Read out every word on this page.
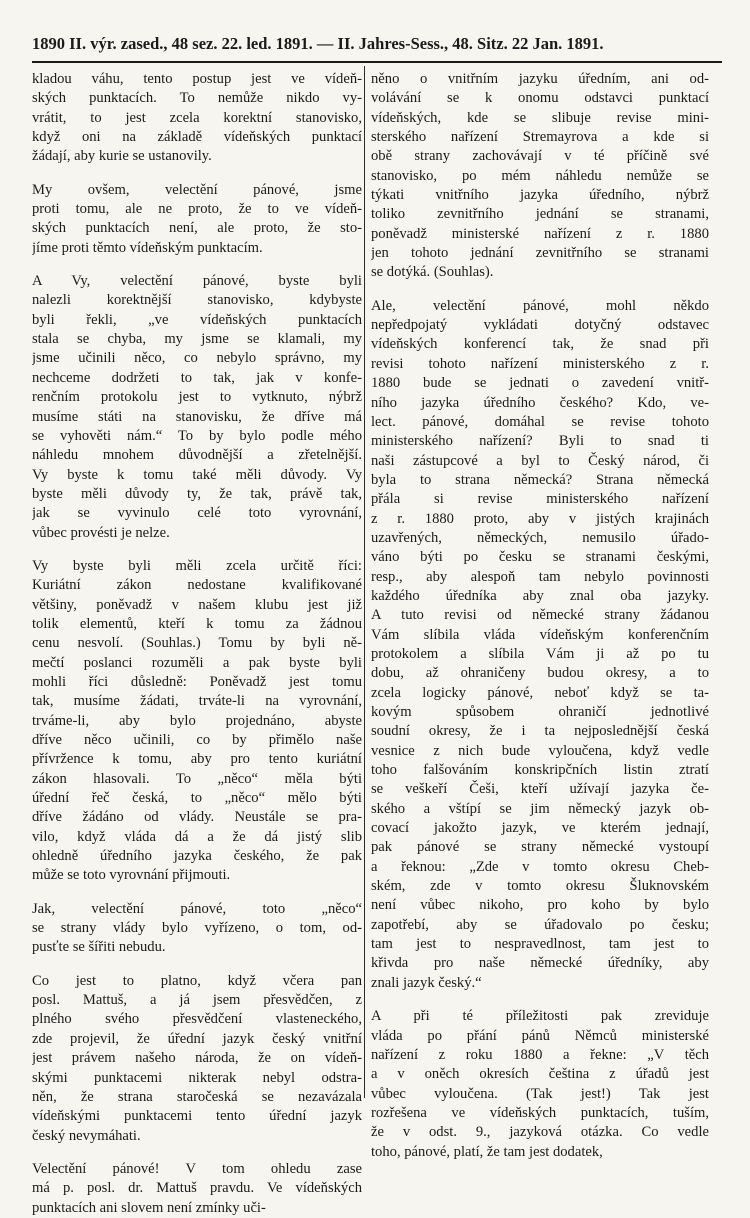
1890 II. výr. zased., 48 sez. 22. led. 1891. — II. Jahres-Sess., 48. Sitz. 22 Jan. 1891.
kladou váhu, tento postup jest ve vídeň-
ských punktacích. To nemůže nikdo vy-
vrátit, to jest zcela korektní stanovisko,
když oni na základě vídeňských punktací
žádají, aby kurie se ustanovily.
My ovšem, velectění pánové, jsme
proti tomu, ale ne proto, že to ve vídeň-
ských punktacích není, ale proto, že sto-
jíme proti těmto vídeňským punktacím.
A Vy, velectění pánové, byste byli
nalezli korektnější stanovisko, kdybyste
byli řekli, „ve vídeňských punktacích
stala se chyba, my jsme se klamali, my
jsme učinili něco, co nebylo správno, my
nechceme dodržeti to tak, jak v konfe-
renčním protokolu jest to vytknuto, nýbrž
musíme státi na stanovisku, že dříve má
se vyhověti nám.“ To by bylo podle mého
náhledu mnohem důvodnější a zřetelnější.
Vy byste k tomu také měli důvody. Vy
byste měli důvody ty, že tak, právě tak,
jak se vyvinulo celé toto vyrovnání,
vůbec provésti je nelze.
Vy byste byli měli zcela určitě říci:
Kuriátní zákon nedostane kvalifikované
většiny, poněvadž v našem klubu jest již
tolik elementů, kteří k tomu za žádnou
cenu nesvolí. (Souhlas.) Tomu by byli ně-
mečtí poslanci rozuměli a pak byste byli
mohli říci důsledně: Poněvadž jest tomu
tak, musíme žádati, trváte-li na vyrovnání,
trváme-li, aby bylo projednáno, abyste
dříve něco učinili, co by přimělo naše
přívržence k tomu, aby pro tento kuriátní
zákon hlasovali. To „něco“ měla býti
úřední řeč česká, to „něco“ mělo býti
dříve žádáno od vlády. Neustále se pra-
vilo, když vláda dá a že dá jistý slib
ohledně úředního jazyka českého, že pak
může se toto vyrovnání přijmouti.
Jak, velectění pánové, toto „něco“
se strany vlády bylo vyřízeno, o tom, od-
pusťte se šířiti nebudu.
Co jest to platno, když včera pan
posl. Mattuš, a já jsem přesvědčen, z
plného svého přesvědčení vlasteneckého,
zde projevil, že úřední jazyk český vnitřní
jest právem našeho národa, že on vídeň-
skými punktacemi nikterak nebyl odstra-
něn, že strana staročeská se nezavázala
vídeňskými punktacemi tento úřední jazyk
český nevymáhati.
Velectění pánové! V tom ohledu zase
má p. posl. dr. Mattuš pravdu. Ve vídeňských
punktacích ani slovem není zmínky uči-
něno o vnitřním jazyku úředním, ani od-
volávání se k onomu odstavci punktací
vídeňských, kde se slibuje revise mini-
sterského nařízení Stremayrova a kde si
obě strany zachovávají v té příčině své
stanovisko, po mém náhledu nemůže se
týkati vnitřního jazyka úředního, nýbrž
toliko zevnitřního jednání se stranami,
poněvadž ministerské nařízení z r. 1880
jen tohoto jednání zevnitřního se stranami
se dotýká. (Souhlas).
Ale, velectění pánové, mohl někdo
nepředpojatý vykládati dotyčný odstavec
vídeňských konferencí tak, že snad při
revisi tohoto nařízení ministerského z r.
1880 bude se jednati o zavedení vnitř-
ního jazyka úředního českého? Kdo, ve-
lect. pánové, domáhal se revise tohoto
ministerského nařízení? Byli to snad ti
naši zástupcové a byl to Český národ, či
byla to strana německá? Strana německá
přála si revise ministerského nařízení
z r. 1880 proto, aby v jistých krajinách
uzavřených, německých, nemusilo úřado-
váno býti po česku se stranami českými,
resp., aby alespoň tam nebylo povinnosti
každého úředníka aby znal oba jazyky.
A tuto revisi od německé strany žádanou
Vám slíbila vláda vídeňským konferenčním
protokolem a slíbila Vám ji až po tu
dobu, až ohraničeny budou okresy, a to
zcela logicky pánové, neboť když se ta-
kovým spůsobem ohraničí jednotlivé
soudní okresy, že i ta nejposlednější česká
vesnice z nich bude vyloučena, když vedle
toho falšováním konskripčních listin ztratí
se veškeří Češi, kteří užívají jazyka če-
ského a vštípí se jim německý jazyk ob-
covací jakožto jazyk, ve kterém jednají,
pak pánové se strany německé vystoupí
a řeknou: „Zde v tomto okresu Cheb-
ském, zde v tomto okresu Šluknovském
není vůbec nikoho, pro koho by bylo
zapotřebí, aby se úřadovalo po česku;
tam jest to nespravedlnost, tam jest to
křivda pro naše německé úředníky, aby
znali jazyk český.“
A při té příležitosti pak zreviduje
vláda po přání pánů Němců ministerské
nařízení z roku 1880 a řekne: „V těch
a v oněch okresích čeština z úřadů jest
vůbec vyloučena. (Tak jest!) Tak jest
rozřešena ve vídeňských punktacích, tuším,
že v odst. 9., jazyková otázka. Co vedle
toho, pánové, platí, že tam jest dodatek,
